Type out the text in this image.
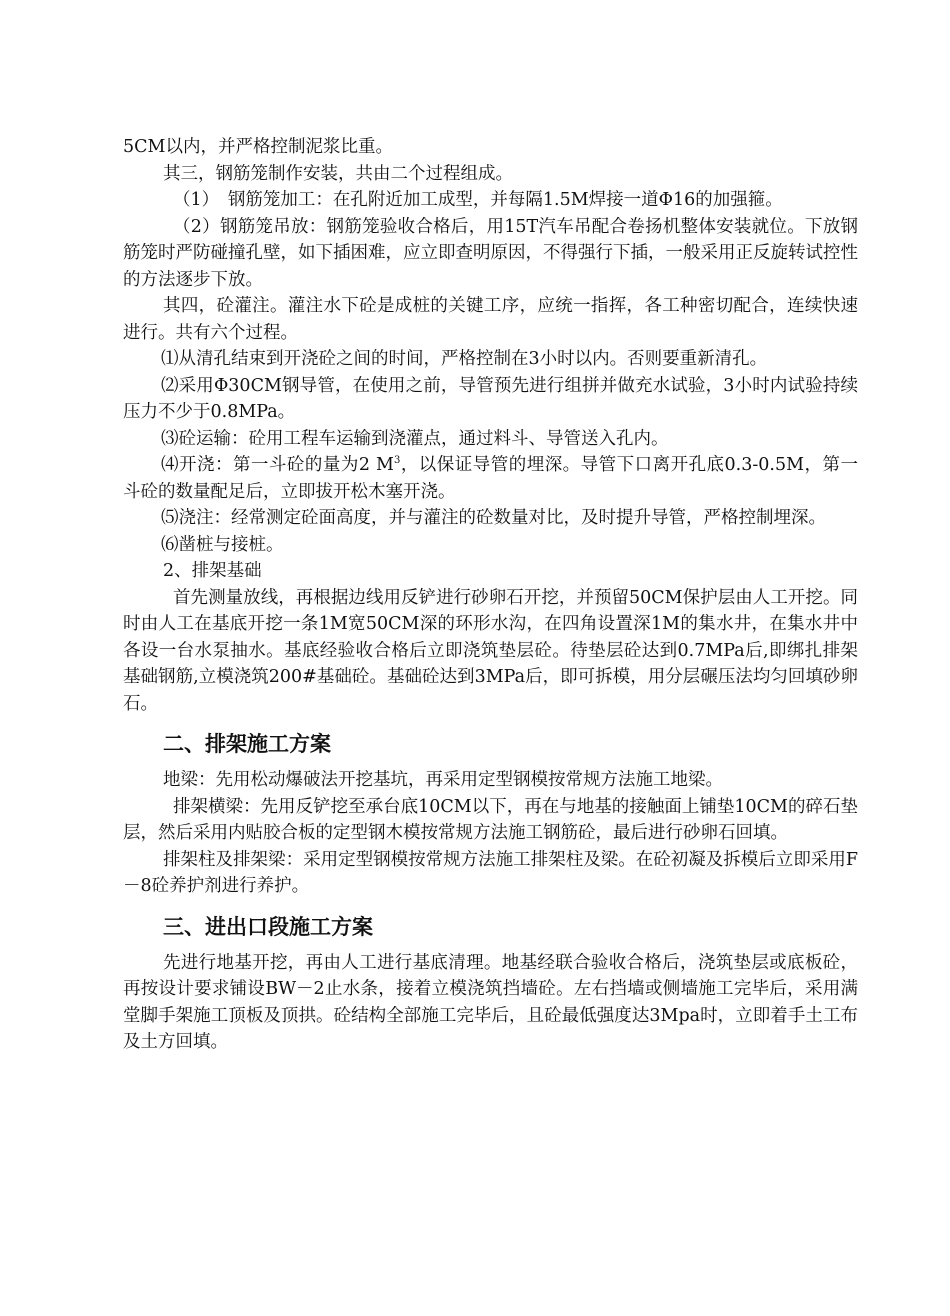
5CM以内，并严格控制泥浆比重。

其三，钢筋笼制作安装，共由二个过程组成。

（1）　钢筋笼加工：在孔附近加工成型，并每隔1.5M焊接一道Φ16的加强箍。

（2）钢筋笼吊放：钢筋笼验收合格后，用15T汽车吊配合卷扬机整体安装就位。下放钢筋笼时严防碰撞孔壁，如下插困难，应立即查明原因，不得强行下插，一般采用正反旋转试控性的方法逐步下放。

其四，砼灌注。灌注水下砼是成桩的关键工序，应统一指挥，各工种密切配合，连续快速进行。共有六个过程。

⑴从清孔结束到开浇砼之间的时间，严格控制在3小时以内。否则要重新清孔。

⑵采用Φ30CM钢导管，在使用之前，导管预先进行组拼并做充水试验，3小时内试验持续压力不少于0.8MPa。

⑶砼运输：砼用工程车运输到浇灌点，通过料斗、导管送入孔内。

⑷开浇：第一斗砼的量为2 $M^3$，以保证导管的埋深。导管下口离开孔底0.3-0.5M，第一斗砼的数量配足后，立即拔开松木塞开浇。

⑸浇注：经常测定砼面高度，并与灌注的砼数量对比，及时提升导管，严格控制埋深。

⑹凿桩与接桩。

2、排架基础

首先测量放线，再根据边线用反铲进行砂卵石开挖，并预留50CM保护层由人工开挖。同时由人工在基底开挖一条1M宽50CM深的环形水沟，在四角设置深1M的集水井，在集水井中各设一台水泵抽水。基底经验收合格后立即浇筑垫层砼。待垫层砼达到0.7MPa后,即绑扎排架基础钢筋,立模浇筑200#基础砼。基础砼达到3MPa后，即可拆模，用分层碾压法均匀回填砂卵石。

二、排架施工方案

地梁：先用松动爆破法开挖基坑，再采用定型钢模按常规方法施工地梁。

排架横梁：先用反铲挖至承台底10CM以下，再在与地基的接触面上铺垫10CM的碎石垫层，然后采用内贴胶合板的定型钢木模按常规方法施工钢筋砼，最后进行砂卵石回填。

排架柱及排架梁：采用定型钢模按常规方法施工排架柱及梁。在砼初凝及拆模后立即采用F－8砼养护剂进行养护。

三、进出口段施工方案

先进行地基开挖，再由人工进行基底清理。地基经联合验收合格后，浇筑垫层或底板砼，再按设计要求铺设BW－2止水条，接着立模浇筑挡墙砼。左右挡墙或侧墙施工完毕后，采用满堂脚手架施工顶板及顶拱。砼结构全部施工完毕后，且砼最低强度达3Mpa时，立即着手土工布及土方回填。
